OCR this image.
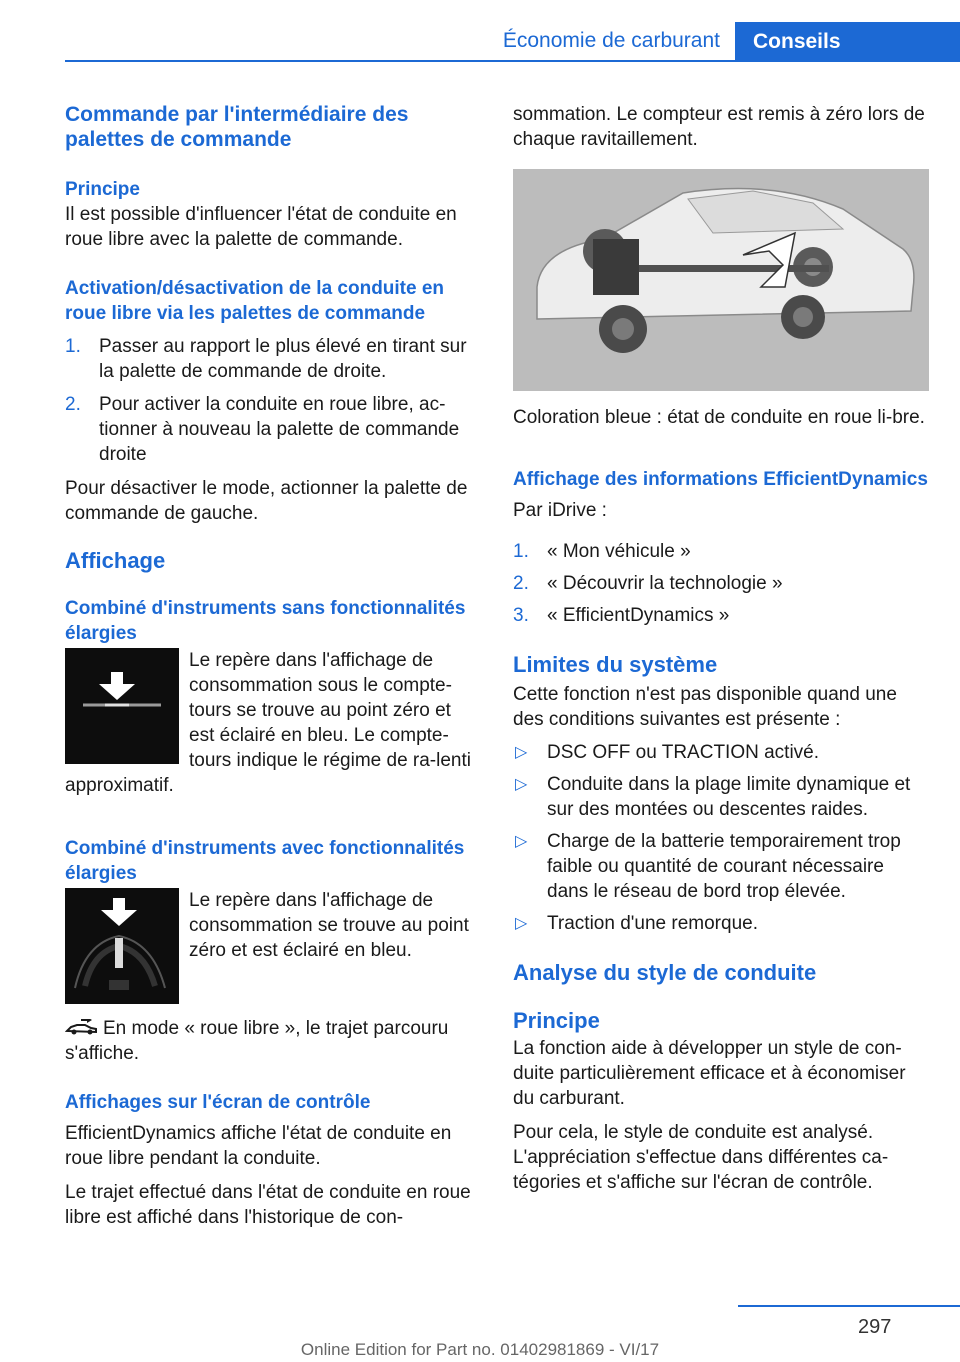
Économie de carburant	Conseils
Commande par l'intermédiaire des palettes de commande
Principe

Il est possible d'influencer l'état de conduite en roue libre avec la palette de commande.

Activation/désactivation de la conduite en roue libre via les palettes de commande
1. Passer au rapport le plus élevé en tirant sur la palette de commande de droite.
2. Pour activer la conduite en roue libre, ac‐tionner à nouveau la palette de commande droite

Pour désactiver le mode, actionner la palette de commande de gauche.

Affichage
Combiné d'instruments sans fonctionnalités élargies

Le repère dans l'affichage de consommation sous le compte-tours se trouve au point zéro et est éclairé en bleu. Le compte-tours indique le régime de ra‐lenti approximatif.

Combiné d'instruments avec fonctionnalités élargies

Le repère dans l'affichage de consommation se trouve au point zéro et est éclairé en bleu.

En mode « roue libre », le trajet parcouru s'affiche.

Affichages sur l'écran de contrôle

EfficientDynamics affiche l'état de conduite en roue libre pendant la conduite.

Le trajet effectué dans l'état de conduite en roue libre est affiché dans l'historique de con‐

sommation. Le compteur est remis à zéro lors de chaque ravitaillement.

Coloration bleue : état de conduite en roue li‐bre.

Affichage des informations EfficientDynamics

Par iDrive :

1. « Mon véhicule »
2. « Découvrir la technologie »
3. « EfficientDynamics »
Limites du système

Cette fonction n'est pas disponible quand une des conditions suivantes est présente :

▷ DSC OFF ou TRACTION activé.
▷ Conduite dans la plage limite dynamique et sur des montées ou descentes raides.
▷ Charge de la batterie temporairement trop faible ou quantité de courant nécessaire dans le réseau de bord trop élevée.
▷ Traction d'une remorque.
Analyse du style de conduite
Principe

La fonction aide à développer un style de con‐duite particulièrement efficace et à économiser du carburant.

Pour cela, le style de conduite est analysé. L'appréciation s'effectue dans différentes ca‐tégories et s'affiche sur l'écran de contrôle.

297
Online Edition for Part no. 01402981869 - VI/17
